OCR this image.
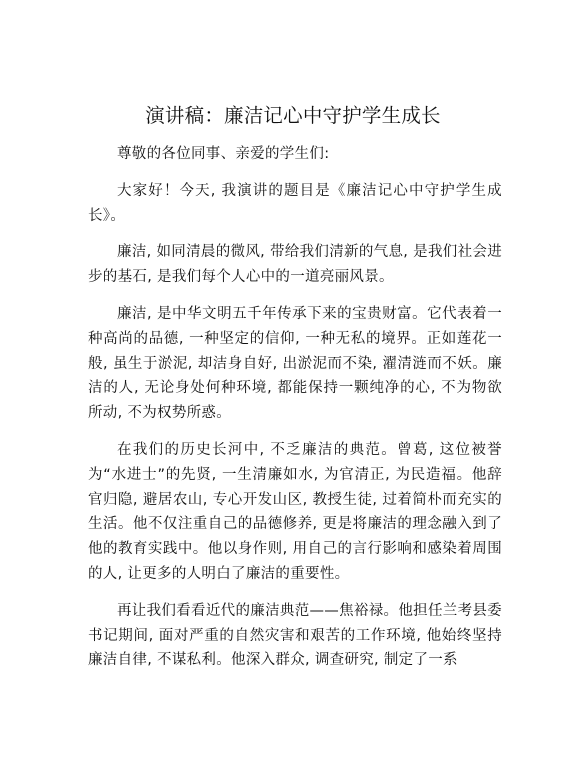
演讲稿：廉洁记心中守护学生成长

尊敬的各位同事、亲爱的学生们:

大家好！今天, 我演讲的题目是《廉洁记心中守护学生成长》。

廉洁, 如同清晨的微风, 带给我们清新的气息, 是我们社会进步的基石, 是我们每个人心中的一道亮丽风景。

廉洁, 是中华文明五千年传承下来的宝贵财富。它代表着一种高尚的品德, 一种坚定的信仰, 一种无私的境界。正如莲花一般, 虽生于淤泥, 却洁身自好, 出淤泥而不染, 濯清涟而不妖。廉洁的人, 无论身处何种环境, 都能保持一颗纯净的心, 不为物欲所动, 不为权势所惑。

在我们的历史长河中, 不乏廉洁的典范。曾葛, 这位被誉为“水进士”的先贤, 一生清廉如水, 为官清正, 为民造福。他辞官归隐, 避居农山, 专心开发山区, 教授生徒, 过着简朴而充实的生活。他不仅注重自己的品德修养, 更是将廉洁的理念融入到了他的教育实践中。他以身作则, 用自己的言行影响和感染着周围的人, 让更多的人明白了廉洁的重要性。

再让我们看看近代的廉洁典范——焦裕禄。他担任兰考县委书记期间, 面对严重的自然灾害和艰苦的工作环境, 他始终坚持廉洁自律, 不谋私利。他深入群众, 调查研究, 制定了一系
